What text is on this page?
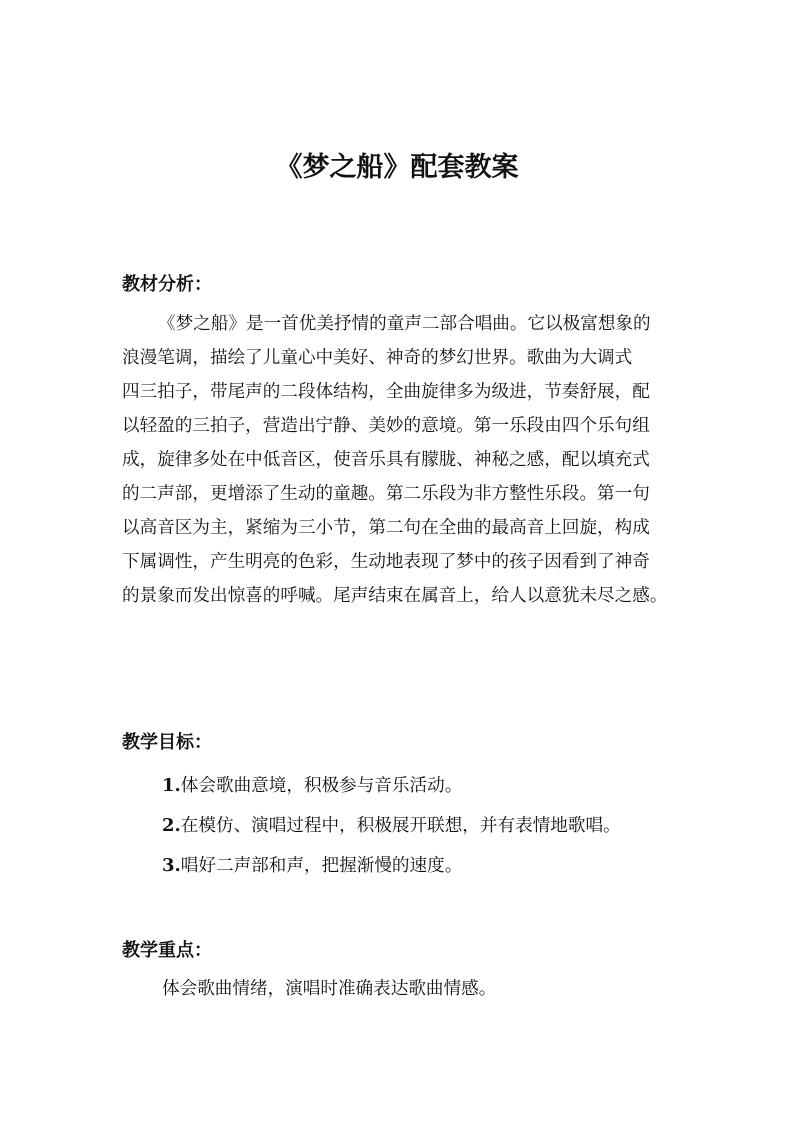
《梦之船》配套教案
教材分析：
《梦之船》是一首优美抒情的童声二部合唱曲。它以极富想象的
浪漫笔调，描绘了儿童心中美好、神奇的梦幻世界。歌曲为大调式
四三拍子，带尾声的二段体结构，全曲旋律多为级进，节奏舒展，配
以轻盈的三拍子，营造出宁静、美妙的意境。第一乐段由四个乐句组
成，旋律多处在中低音区，使音乐具有朦胧、神秘之感，配以填充式
的二声部，更增添了生动的童趣。第二乐段为非方整性乐段。第一句
以高音区为主，紧缩为三小节，第二句在全曲的最高音上回旋，构成
下属调性，产生明亮的色彩，生动地表现了梦中的孩子因看到了神奇
的景象而发出惊喜的呼喊。尾声结束在属音上，给人以意犹未尽之感。
教学目标：
1.体会歌曲意境，积极参与音乐活动。
2.在模仿、演唱过程中，积极展开联想，并有表情地歌唱。
3.唱好二声部和声，把握渐慢的速度。
教学重点：

体会歌曲情绪，演唱时准确表达歌曲情感。
